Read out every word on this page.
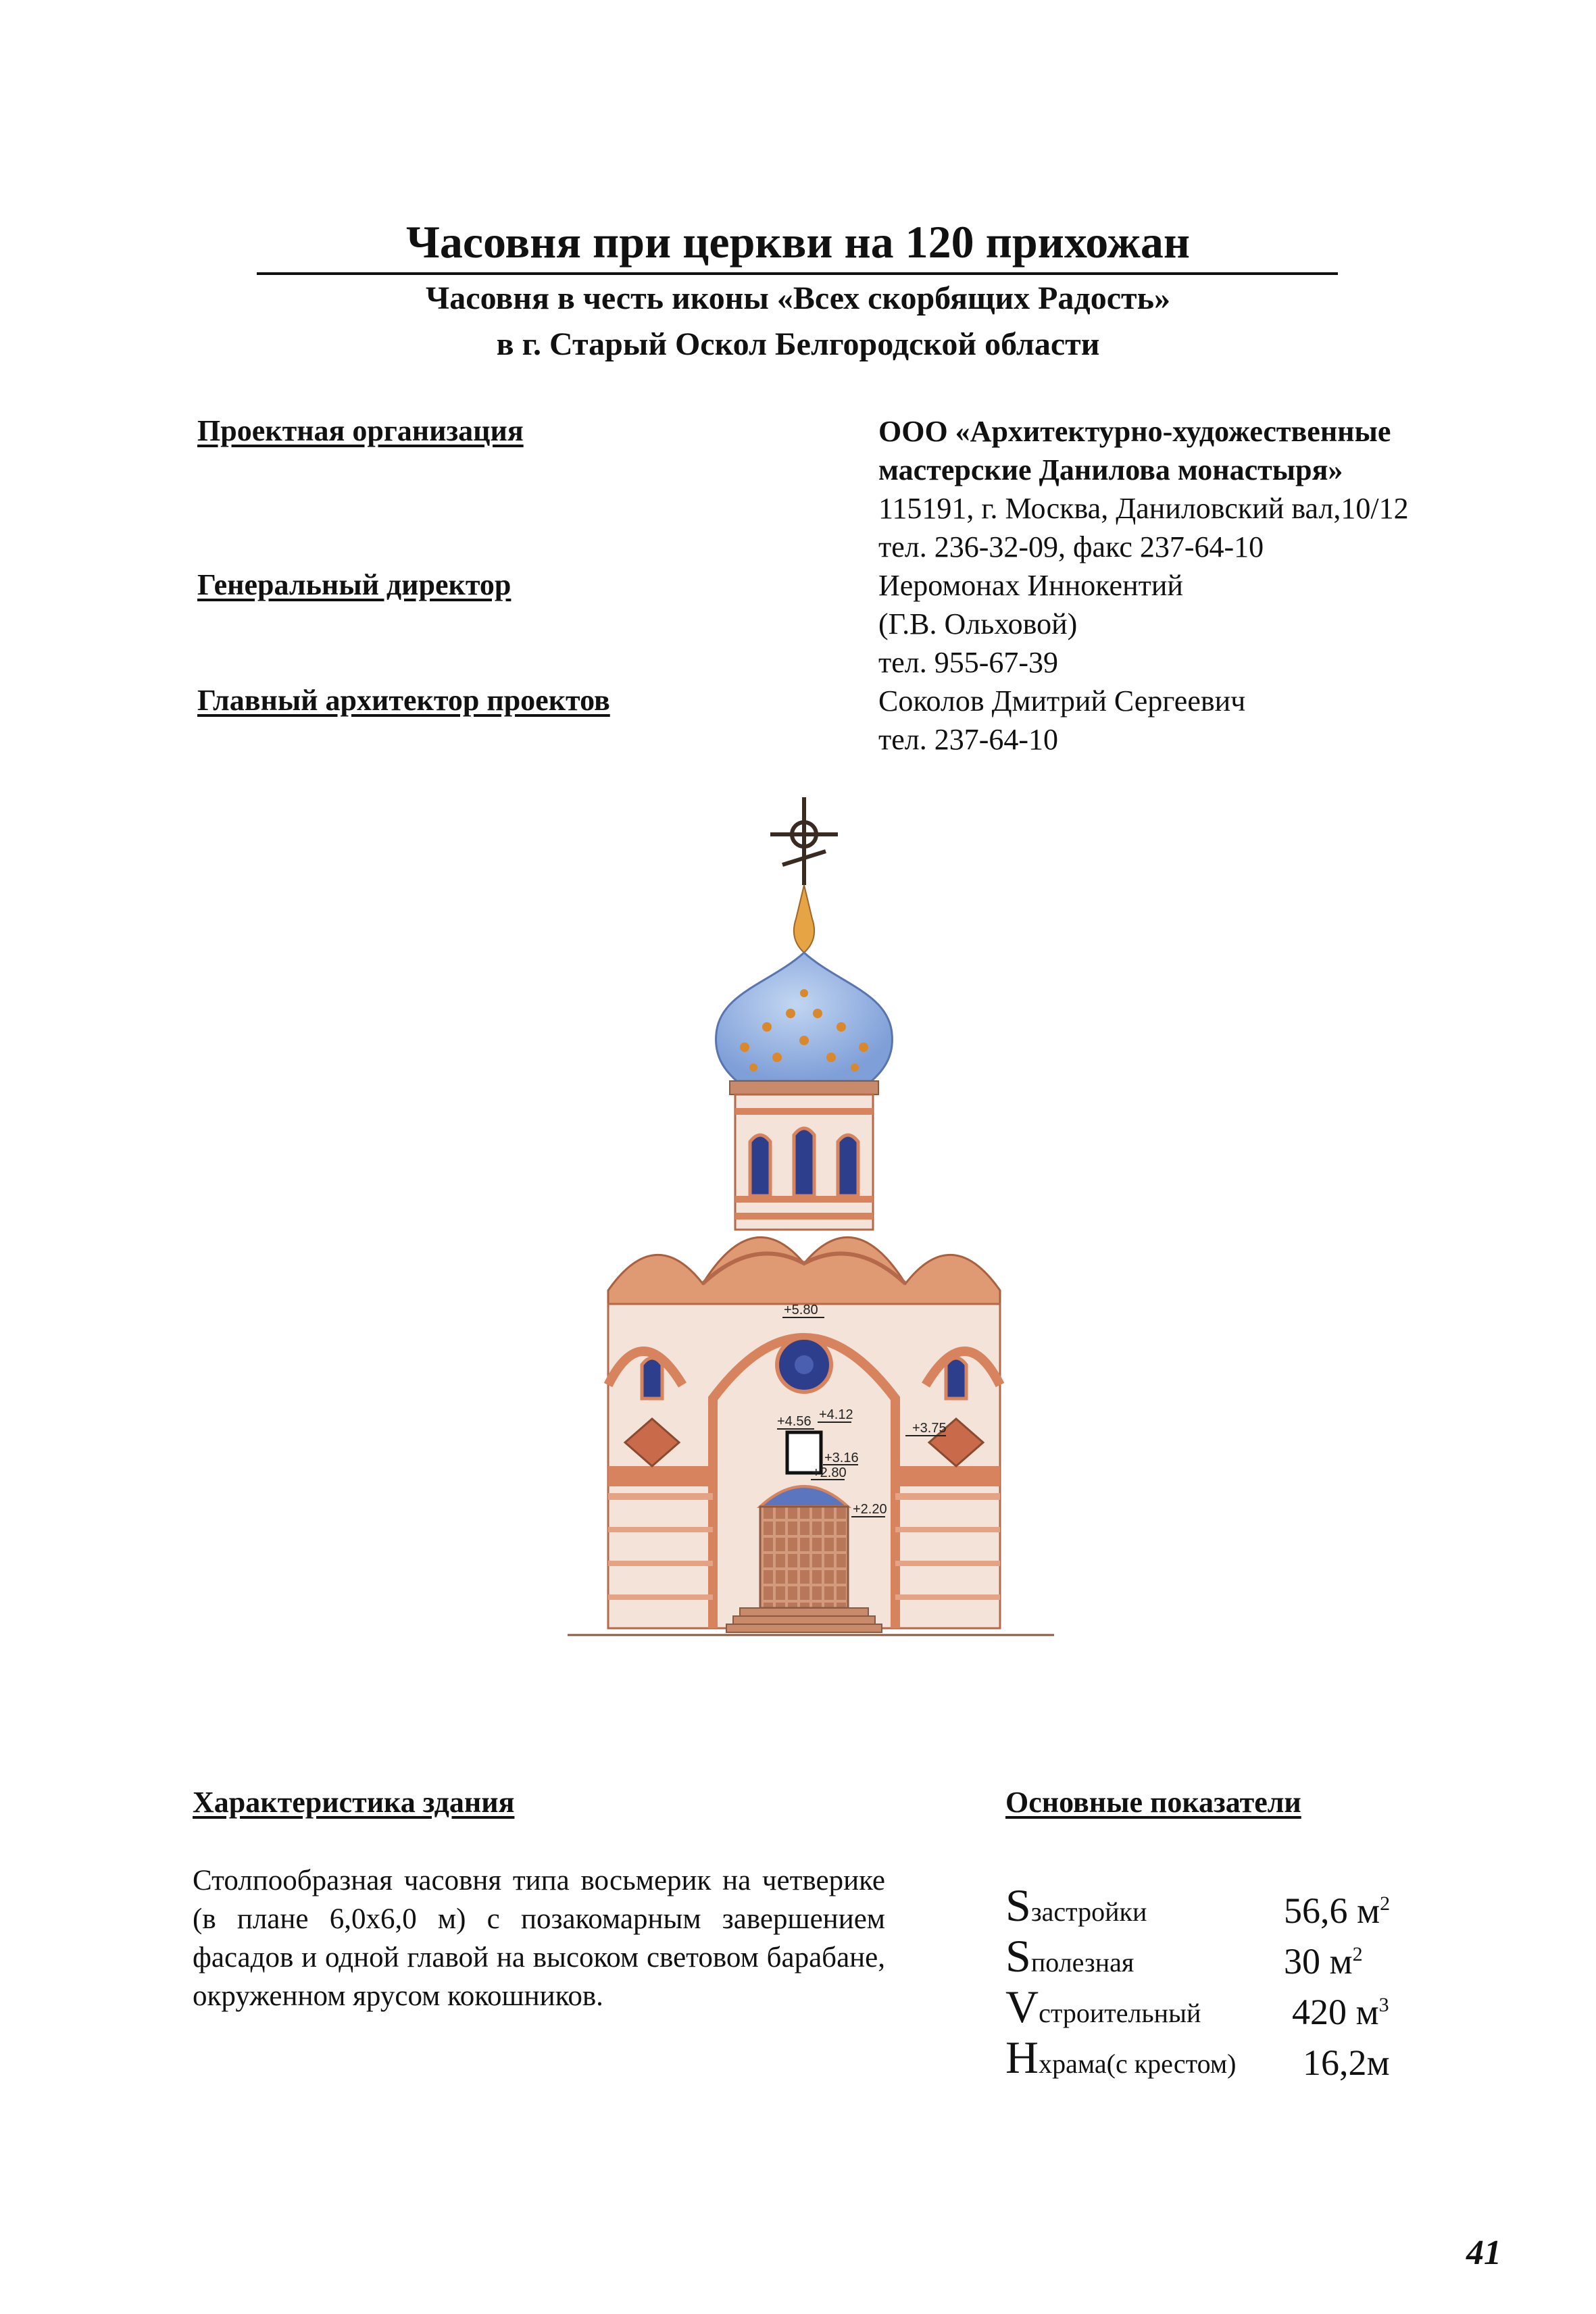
Часовня при церкви на 120 прихожан
Часовня в честь иконы «Всех скорбящих Радость»
в г. Старый Оскол Белгородской области
Проектная организация	ООО «Архитектурно-художественные
мастерские Данилова монастыря»
115191, г. Москва, Даниловский вал,10/12
тел. 236-32-09, факс 237-64-10
Генеральный директор	Иеромонах Иннокентий
(Г.В. Ольховой)
тел. 955-67-39
Главный архитектор проектов	Соколов Дмитрий Сергеевич
тел. 237-64-10
+5.80
+4.56 +4.12
+3.75
+3.16
+2.80
+2.20
Характеристика здания
Столпообразная часовня типа восьмерик на четверике (в плане 6,0х6,0 м) с позакомарным завершением фасадов и одной главой на высоком световом барабане, окруженном ярусом кокошников.
Основные показатели
Sзастройки	56,6 $м^2$
Sполезная	30 $м^2$
Vстроительный 420 $м^3$
Hхрама(с крестом) 16,2м
41
